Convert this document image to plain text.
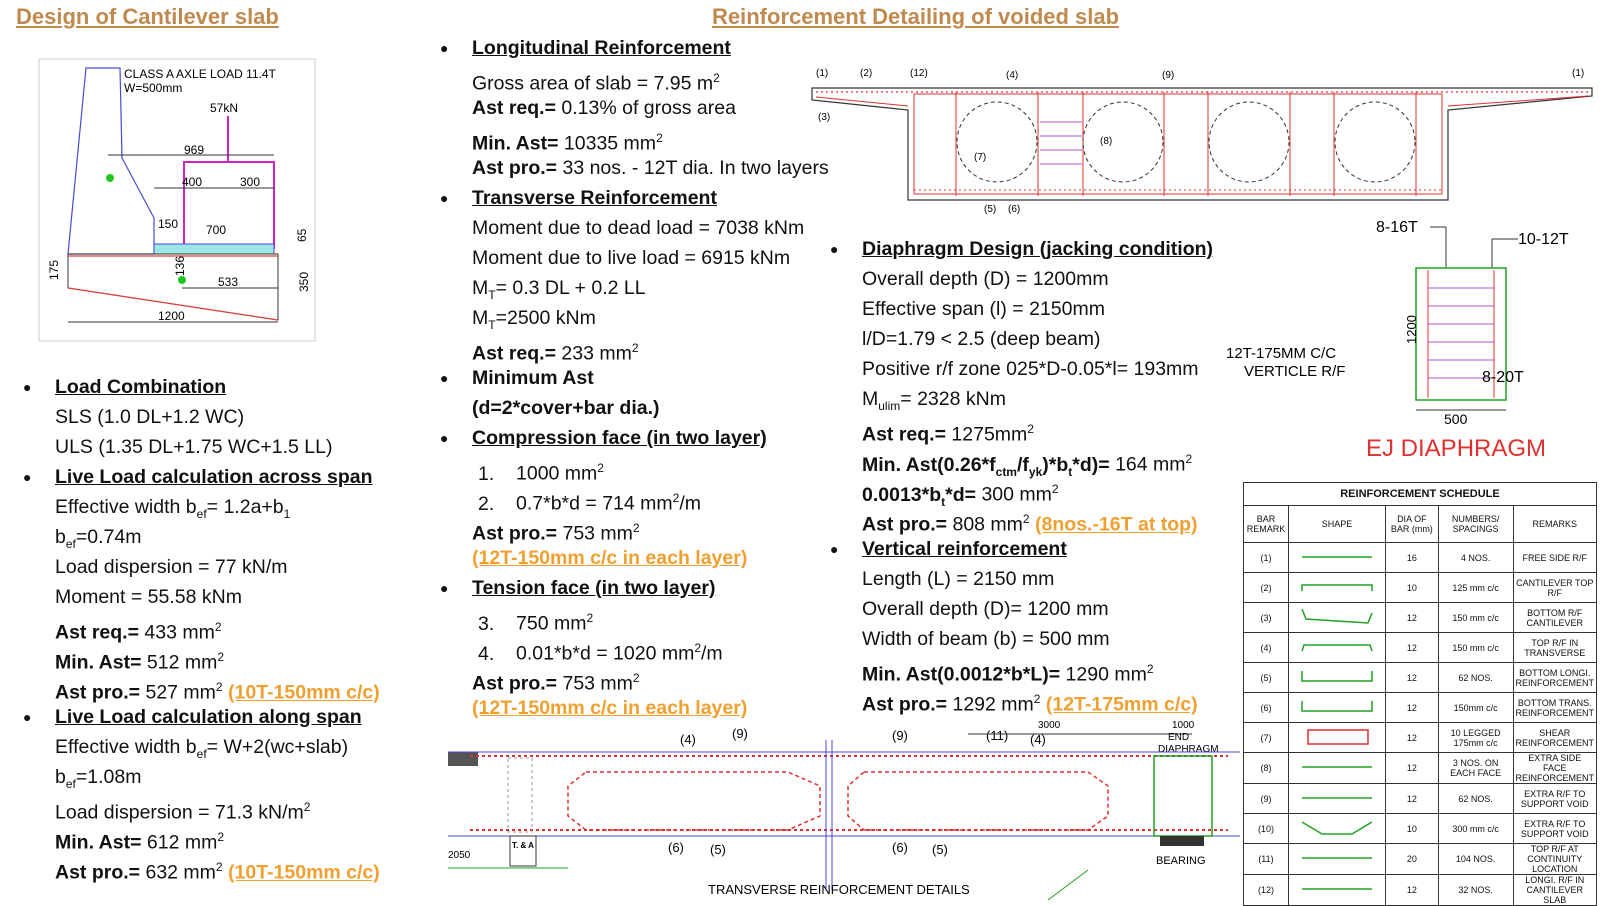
Design of Cantilever slab	Reinforcement Detailing of voided slab
CLASS A AXLE LOAD 11.4T
W=500mm
57kN
969
400	300
150 700
175	136
533
65
350
1200
● Load Combination
SLS (1.0 DL+1.2 WC)
ULS (1.35 DL+1.75 WC+1.5 LL)
● Live Load calculation across span
Effective width $b_{ef}= 1.2a+b_1$
$b_{ef}=0.74m$
Load dispersion = 77 kN/m
Moment = 55.58 kNm
Ast req.= 433 $mm^2$
Min. Ast= 512 $mm^2$
Ast pro.= 527 $mm^2$ (10T-150mm c/c)
● Live Load calculation along span
Effective width $b_{ef}=$ W+2(wc+slab)
$b_{ef}=1.08m$
Load dispersion = 71.3 $kN/m^2$
Min. Ast= 612 $mm^2$
Ast pro.= 632 $mm^2$ (10T-150mm c/c)
● Longitudinal Reinforcement
Gross area of slab = 7.95 $m^2$
Ast req.= 0.13% of gross area
Min. Ast= 10335 $mm^2$
Ast pro.= 33 nos. - 12T dia. In two layers
● Transverse Reinforcement
Moment due to dead load = 7038 kNm
Moment due to live load = 6915 kNm
$M_T= 0.3$ DL + 0.2 LL
$M_T=2500$ kNm
Ast req.= 233 $mm^2$
● Minimum Ast
(d=2*cover+bar dia.)
● Compression face (in two layer)
1. 1000 $mm^2$
2. 0.7*b*d = 714 $mm^2/m$
Ast pro.= 753 $mm^2$
(12T-150mm c/c in each layer)
● Tension face (in two layer)
3. 750 $mm^2$
4. 0.01*b*d = 1020 $mm^2/m$
Ast pro.= 753 $mm^2$
(12T-150mm c/c in each layer)
● Diaphragm Design (jacking condition)
Overall depth (D) = 1200mm
Effective span (l) = 2150mm
l/D=1.79 < 2.5 (deep beam)
Positive r/f zone 025*D-0.05*l= 193mm
$M_{ulim}= 2328$ kNm
Ast $req.= 1275mm^2$
Min. $Ast(0.26*f_{ctm}/f_{yk})*b_t*d)= 164$ $mm^2$
$0.0013*b_t*d= 300$ $mm^2$
Ast pro.= 808 $mm^2$ (8nos.-16T at top)
● Vertical reinforcement
Length (L) = 2150 mm
Overall depth (D)= 1200 mm
Width of beam (b) = 500 mm
Min. Ast(0.0012*b*L)= 1290 $mm^2$
Ast pro.= 1292 $mm^2$ (12T-175mm c/c)
(1)	(2)	(12)	(4)	(9)	(1)
(3)
(7)
(8)
(5) (6)
8-16T
10-12T
12T-175MM C/C
VERTICLE R/F	8-20T
1200
500
EJ DIAPHRAGM
(4)	(9)	(9)	(11) (4)
3000	1000
END
DIAPHRAGM
T. & A
2050	BEARING
(6) (5)	(6) (5)
TRANSVERSE REINFORCEMENT DETAILS
REINFORCEMENT SCHEDULE				
BAR REMARK	SHAPE	DIA OF BAR (mm)	NUMBERS/ SPACINGS	REMARKS
(1)		16	4 NOS.	FREE SIDE R/F
(2)		10	125 mm c/c	CANTILEVER TOP R/F
(3)		12	150 mm c/c	BOTTOM R/F CANTILEVER
(4)		12	150 mm c/c	TOP R/F IN TRANSVERSE
(5)		12	62 NOS.	BOTTOM LONGI. REINFORCEMENT
(6)		12	150mm c/c	BOTTOM TRANS. REINFORCEMENT
(7)		12	10 LEGGED 175mm c/c	SHEAR REINFORCEMENT
(8)		12	3 NOS. ON EACH FACE	EXTRA SIDE FACE REINFORCEMENT
(9)		12	62 NOS.	EXTRA R/F TO SUPPORT VOID
(10)		10	300 mm c/c	EXTRA R/F TO SUPPORT VOID
(11)		20	104 NOS.	TOP R/F AT CONTINUITY LOCATION
(12)		12	32 NOS.	LONGI. R/F IN CANTILEVER SLAB
